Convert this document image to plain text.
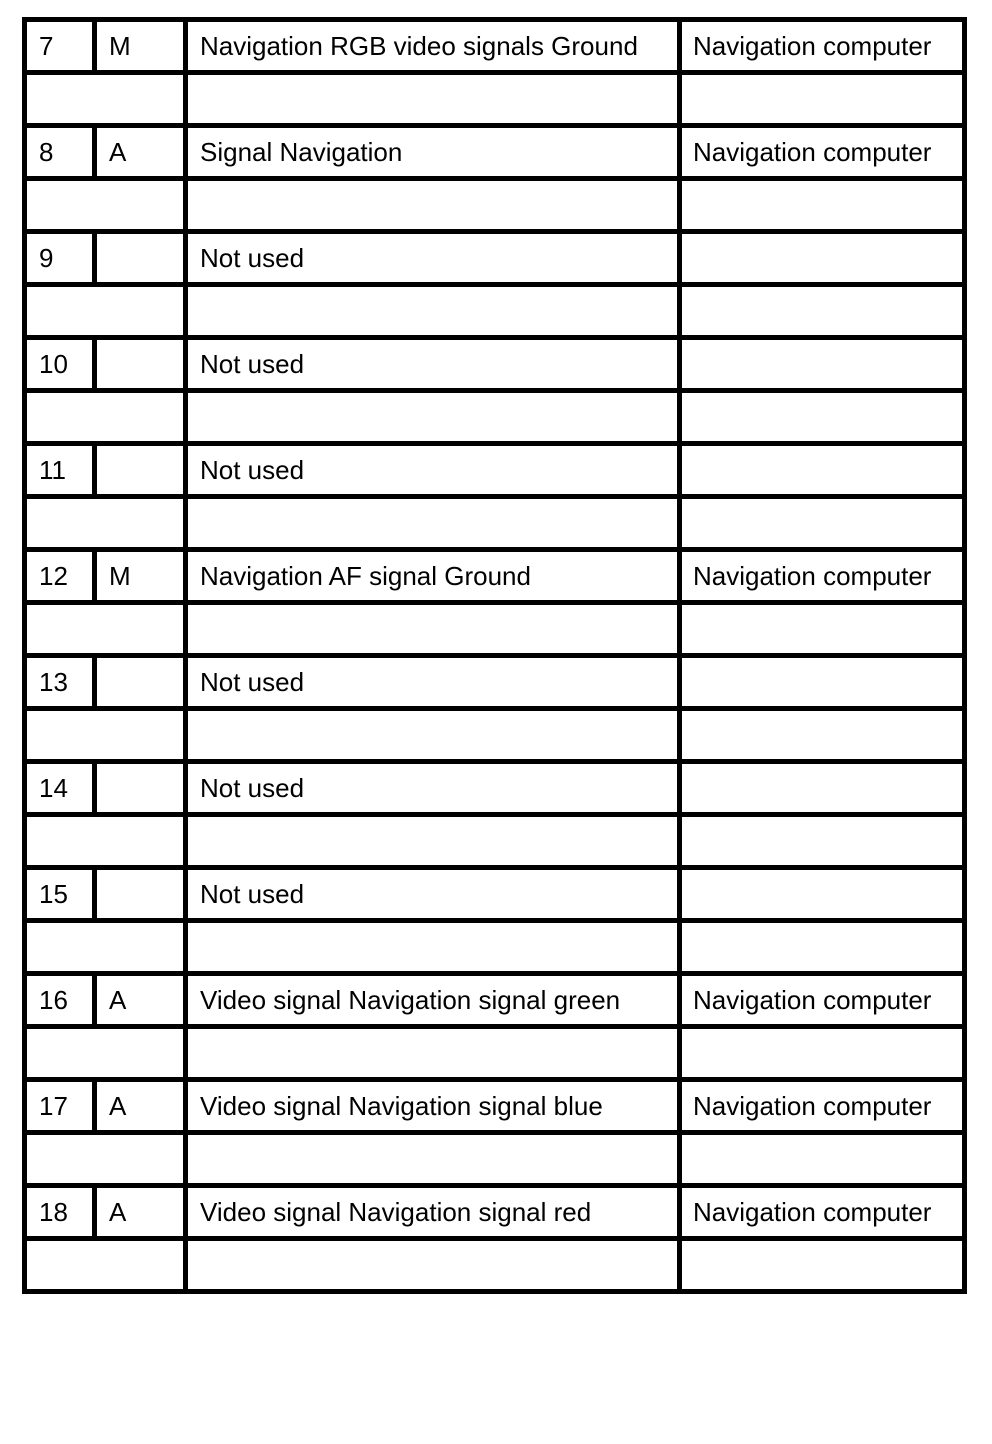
7	M	Navigation RGB video signals Ground	Navigation computer

8	A	Signal Navigation	Navigation computer

9		Not used	

10		Not used	

11		Not used	

12	M	Navigation AF signal Ground	Navigation computer

13		Not used	

14		Not used	

15		Not used	

16	A	Video signal Navigation signal green	Navigation computer

17	A	Video signal Navigation signal blue	Navigation computer

18	A	Video signal Navigation signal red	Navigation computer
